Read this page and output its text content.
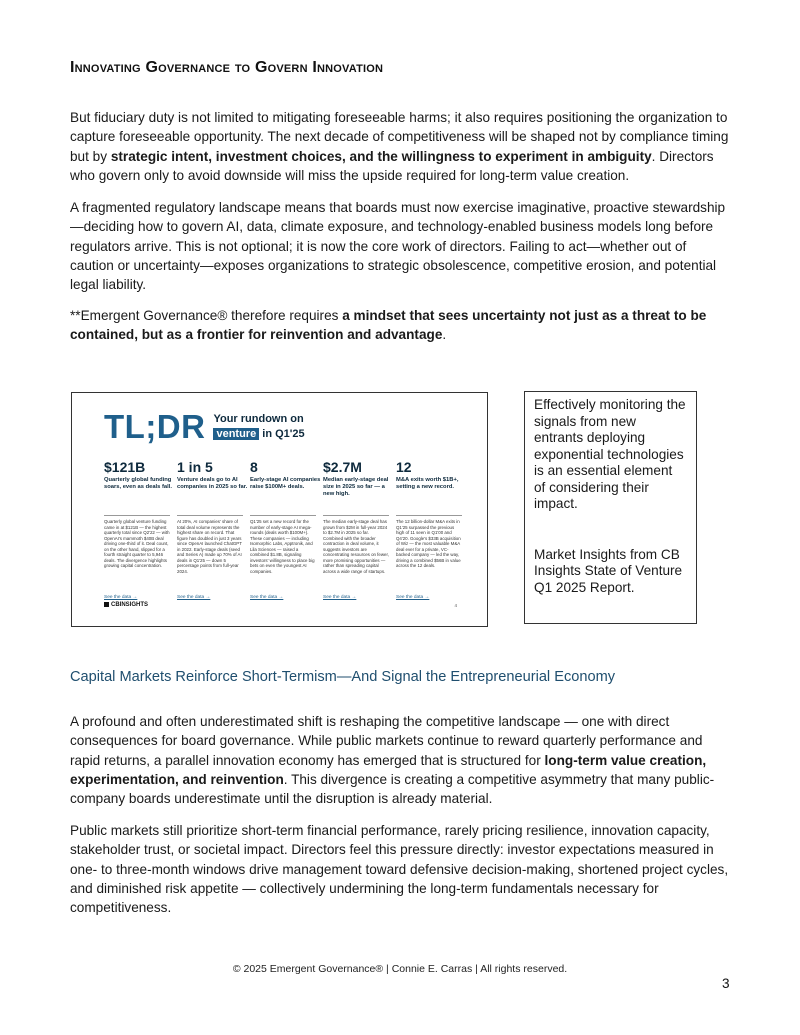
Innovating Governance to Govern Innovation
But fiduciary duty is not limited to mitigating foreseeable harms; it also requires positioning the organization to capture foreseeable opportunity. The next decade of competitiveness will be shaped not by compliance timing but by strategic intent, investment choices, and the willingness to experiment in ambiguity. Directors who govern only to avoid downside will miss the upside required for long-term value creation.
A fragmented regulatory landscape means that boards must now exercise imaginative, proactive stewardship—deciding how to govern AI, data, climate exposure, and technology-enabled business models long before regulators arrive. This is not optional; it is now the core work of directors. Failing to act—whether out of caution or uncertainty—exposes organizations to strategic obsolescence, competitive erosion, and potential legal liability.
**Emergent Governance® therefore requires a mindset that sees uncertainty not just as a threat to be contained, but as a frontier for reinvention and advantage.
TL;DR Your rundown on
venture in Q1'25
$121B
Quarterly global funding soars, even as deals fall.
Quarterly global venture funding came in at $121B — the highest quarterly total since Q2'22 — with OpenAI's mammoth $40B deal driving one-third of it. Deal count, on the other hand, slipped for a fourth straight quarter to 5,946 deals. The divergence highlights growing capital concentration.
See the data →
1 in 5
Venture deals go to AI companies in 2025 so far.
At 20%, AI companies' share of total deal volume represents the highest share on record. That figure has doubled in just 3 years since OpenAI launched ChatGPT in 2022. Early-stage deals (seed and Series A) made up 70% of AI deals in Q1'25 — down 5 percentage points from full-year 2024.
See the data →
8
Early-stage AI companies raise $100M+ deals.
Q1'25 set a new record for the number of early-stage AI mega-rounds (deals worth $100M+). These companies — including Isomorphic Labs, Apptronik, and Lila Sciences — raised a combined $1.8B, signaling investors' willingness to place big bets on even the youngest AI companies.
See the data →
$2.7M
Median early-stage deal size in 2025 so far — a new high.
The median early-stage deal has grown from $2M in full-year 2024 to $2.7M in 2025 so far. Combined with the broader contraction in deal volume, it suggests investors are concentrating resources on fewer, more promising opportunities — rather than spreading capital across a wide range of startups.
See the data →
12
M&A exits worth $1B+, setting a new record.
The 12 billion-dollar M&A exits in Q1'25 surpassed the previous high of 11 seen in Q1'00 and Q4'20. Google's $33B acquisition of Wiz — the most valuable M&A deal ever for a private, VC-backed company — led the way, driving a combined $56B in value across the 12 deals.
See the data →
CBINSIGHTS	4
Effectively monitoring the signals from new entrants deploying exponential technologies is an essential element of considering their impact.
Market Insights from CB Insights State of Venture Q1 2025 Report.
Capital Markets Reinforce Short-Termism—And Signal the Entrepreneurial Economy
A profound and often underestimated shift is reshaping the competitive landscape — one with direct consequences for board governance. While public markets continue to reward quarterly performance and rapid returns, a parallel innovation economy has emerged that is structured for long-term value creation, experimentation, and reinvention. This divergence is creating a competitive asymmetry that many public-company boards underestimate until the disruption is already material.
Public markets still prioritize short-term financial performance, rarely pricing resilience, innovation capacity, stakeholder trust, or societal impact. Directors feel this pressure directly: investor expectations measured in one- to three-month windows drive management toward defensive decision-making, shortened project cycles, and diminished risk appetite — collectively undermining the long-term fundamentals necessary for competitiveness.
© 2025 Emergent Governance® | Connie E. Carras | All rights reserved.
3
